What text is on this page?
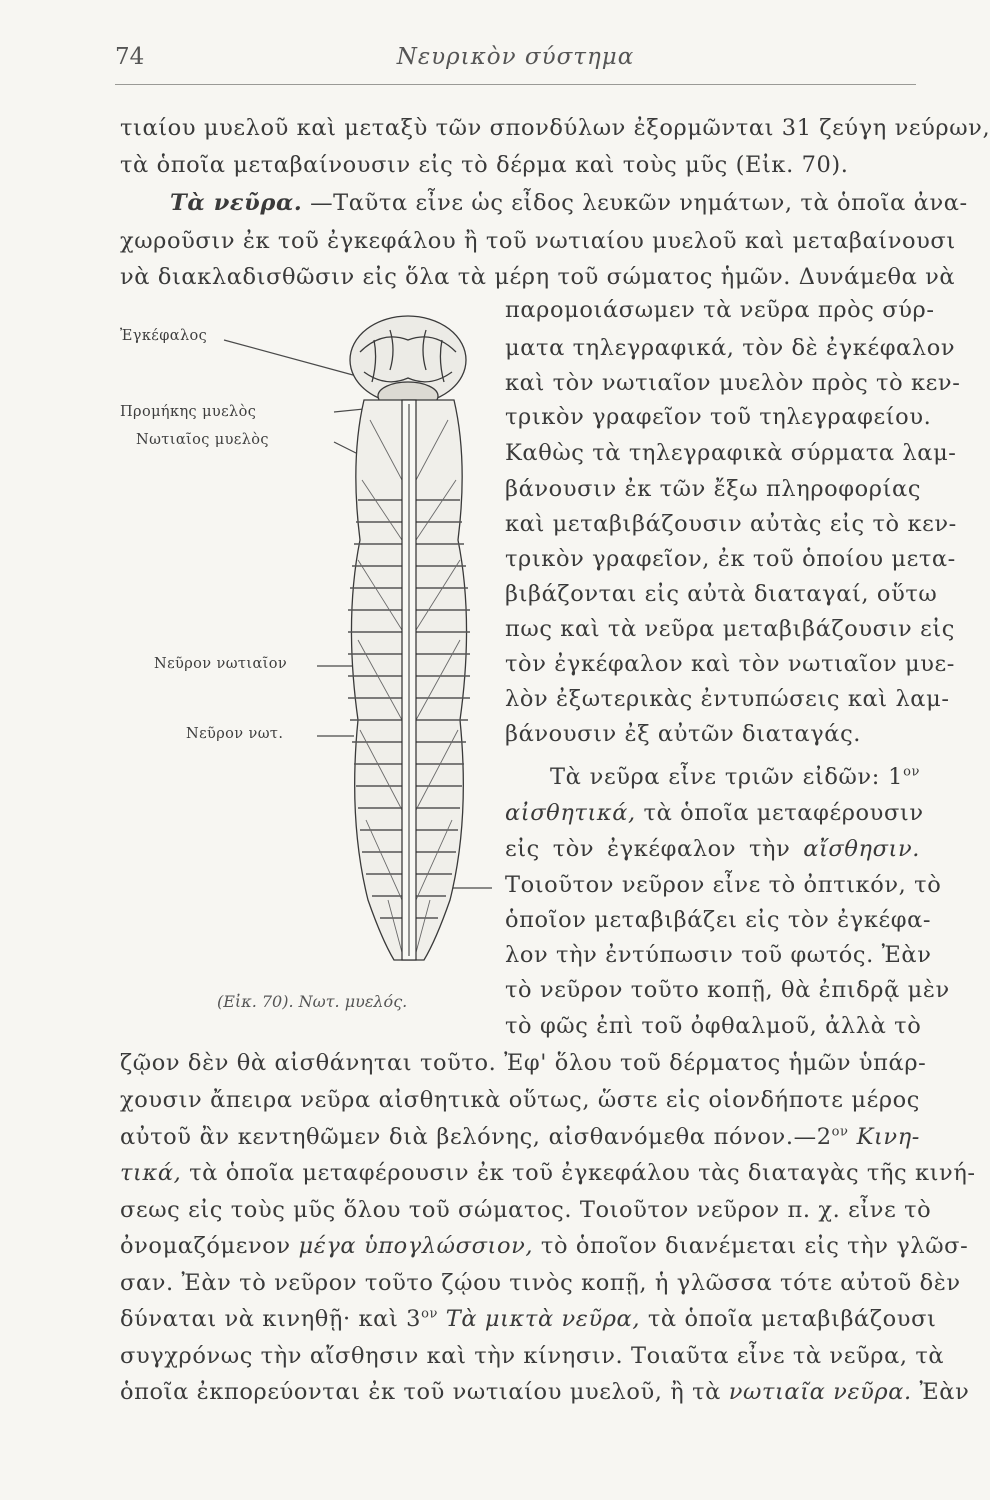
74	Νευρικὸν σύστημα
τιαίου μυελοῦ καὶ μεταξὺ τῶν σπονδύλων ἐξορμῶνται 31 ζεύγη νεύρων,
τὰ ὁποῖα μεταβαίνουσιν εἰς τὸ δέρμα καὶ τοὺς μῦς (Εἰκ. 70).
Τὰ νεῦρα. —Ταῦτα εἶνε ὡς εἶδος λευκῶν νημάτων, τὰ ὁποῖα ἀνα-
χωροῦσιν ἐκ τοῦ ἐγκεφάλου ἢ τοῦ νωτιαίου μυελοῦ καὶ μεταβαίνουσι
νὰ διακλαδισθῶσιν εἰς ὅλα τὰ μέρη τοῦ σώματος ἡμῶν. Δυνάμεθα νὰ
παρομοιάσωμεν τὰ νεῦρα πρὸς σύρ-
ματα τηλεγραφικά, τὸν δὲ ἐγκέφαλον
καὶ τὸν νωτιαῖον μυελὸν πρὸς τὸ κεν-
τρικὸν γραφεῖον τοῦ τηλεγραφείου.
Καθὼς τὰ τηλεγραφικὰ σύρματα λαμ-
βάνουσιν ἐκ τῶν ἔξω πληροφορίας
καὶ μεταβιβάζουσιν αὐτὰς εἰς τὸ κεν-
τρικὸν γραφεῖον, ἐκ τοῦ ὁποίου μετα-
βιβάζονται εἰς αὐτὰ διαταγαί, οὕτω
πως καὶ τὰ νεῦρα μεταβιβάζουσιν εἰς
τὸν ἐγκέφαλον καὶ τὸν νωτιαῖον μυε-
λὸν ἐξωτερικὰς ἐντυπώσεις καὶ λαμ-
βάνουσιν ἐξ αὐτῶν διαταγάς.
Τὰ νεῦρα εἶνε τριῶν εἰδῶν: $1^{o\nu}$
αἰσθητικά, τὰ ὁποῖα μεταφέρουσιν
εἰς τὸν ἐγκέφαλον τὴν αἴσθησιν.
Τοιοῦτον νεῦρον εἶνε τὸ ὀπτικόν, τὸ
ὁποῖον μεταβιβάζει εἰς τὸν ἐγκέφα-
λον τὴν ἐντύπωσιν τοῦ φωτός. Ἐὰν
τὸ νεῦρον τοῦτο κοπῇ, θὰ ἐπιδρᾷ μὲν
τὸ φῶς ἐπὶ τοῦ ὀφθαλμοῦ, ἀλλὰ τὸ
ζῷον δὲν θὰ αἰσθάνηται τοῦτο. Ἐφ' ὅλου τοῦ δέρματος ἡμῶν ὑπάρ-
χουσιν ἄπειρα νεῦρα αἰσθητικὰ οὕτως, ὥστε εἰς οἱονδήποτε μέρος
αὐτοῦ ἂν κεντηθῶμεν διὰ βελόνης, αἰσθανόμεθα $\pi ό\nu o\nu.—2^{o\nu}$ Κινη-
τικά, τὰ ὁποῖα μεταφέρουσιν ἐκ τοῦ ἐγκεφάλου τὰς διαταγὰς τῆς κινή-
σεως εἰς τοὺς μῦς ὅλου τοῦ σώματος. Τοιοῦτον νεῦρον π. χ. εἶνε τὸ
ὀνομαζόμενον μέγα ὑπογλώσσιον, τὸ ὁποῖον διανέμεται εἰς τὴν γλῶσ-
σαν. Ἐὰν τὸ νεῦρον τοῦτο ζῴου τινὸς κοπῇ, ἡ γλῶσσα τότε αὐτοῦ δὲν
δύναται νὰ κινηθῇ· καὶ $3^{o\nu}$ Τὰ μικτὰ νεῦρα, τὰ ὁποῖα μεταβιβάζουσι
συγχρόνως τὴν αἴσθησιν καὶ τὴν κίνησιν. Τοιαῦτα εἶνε τὰ νεῦρα, τὰ
ὁποῖα ἐκπορεύονται ἐκ τοῦ νωτιαίου μυελοῦ, ἢ τὰ νωτιαῖα νεῦρα. Ἐὰν
Ἐγκέφαλος
Προμήκης μυελὸς
Νωτιαῖος μυελὸς
Νεῦρον νωτιαῖον
Νεῦρον νωτ.
(Εἰκ. 70). Νωτ. μυελός.
